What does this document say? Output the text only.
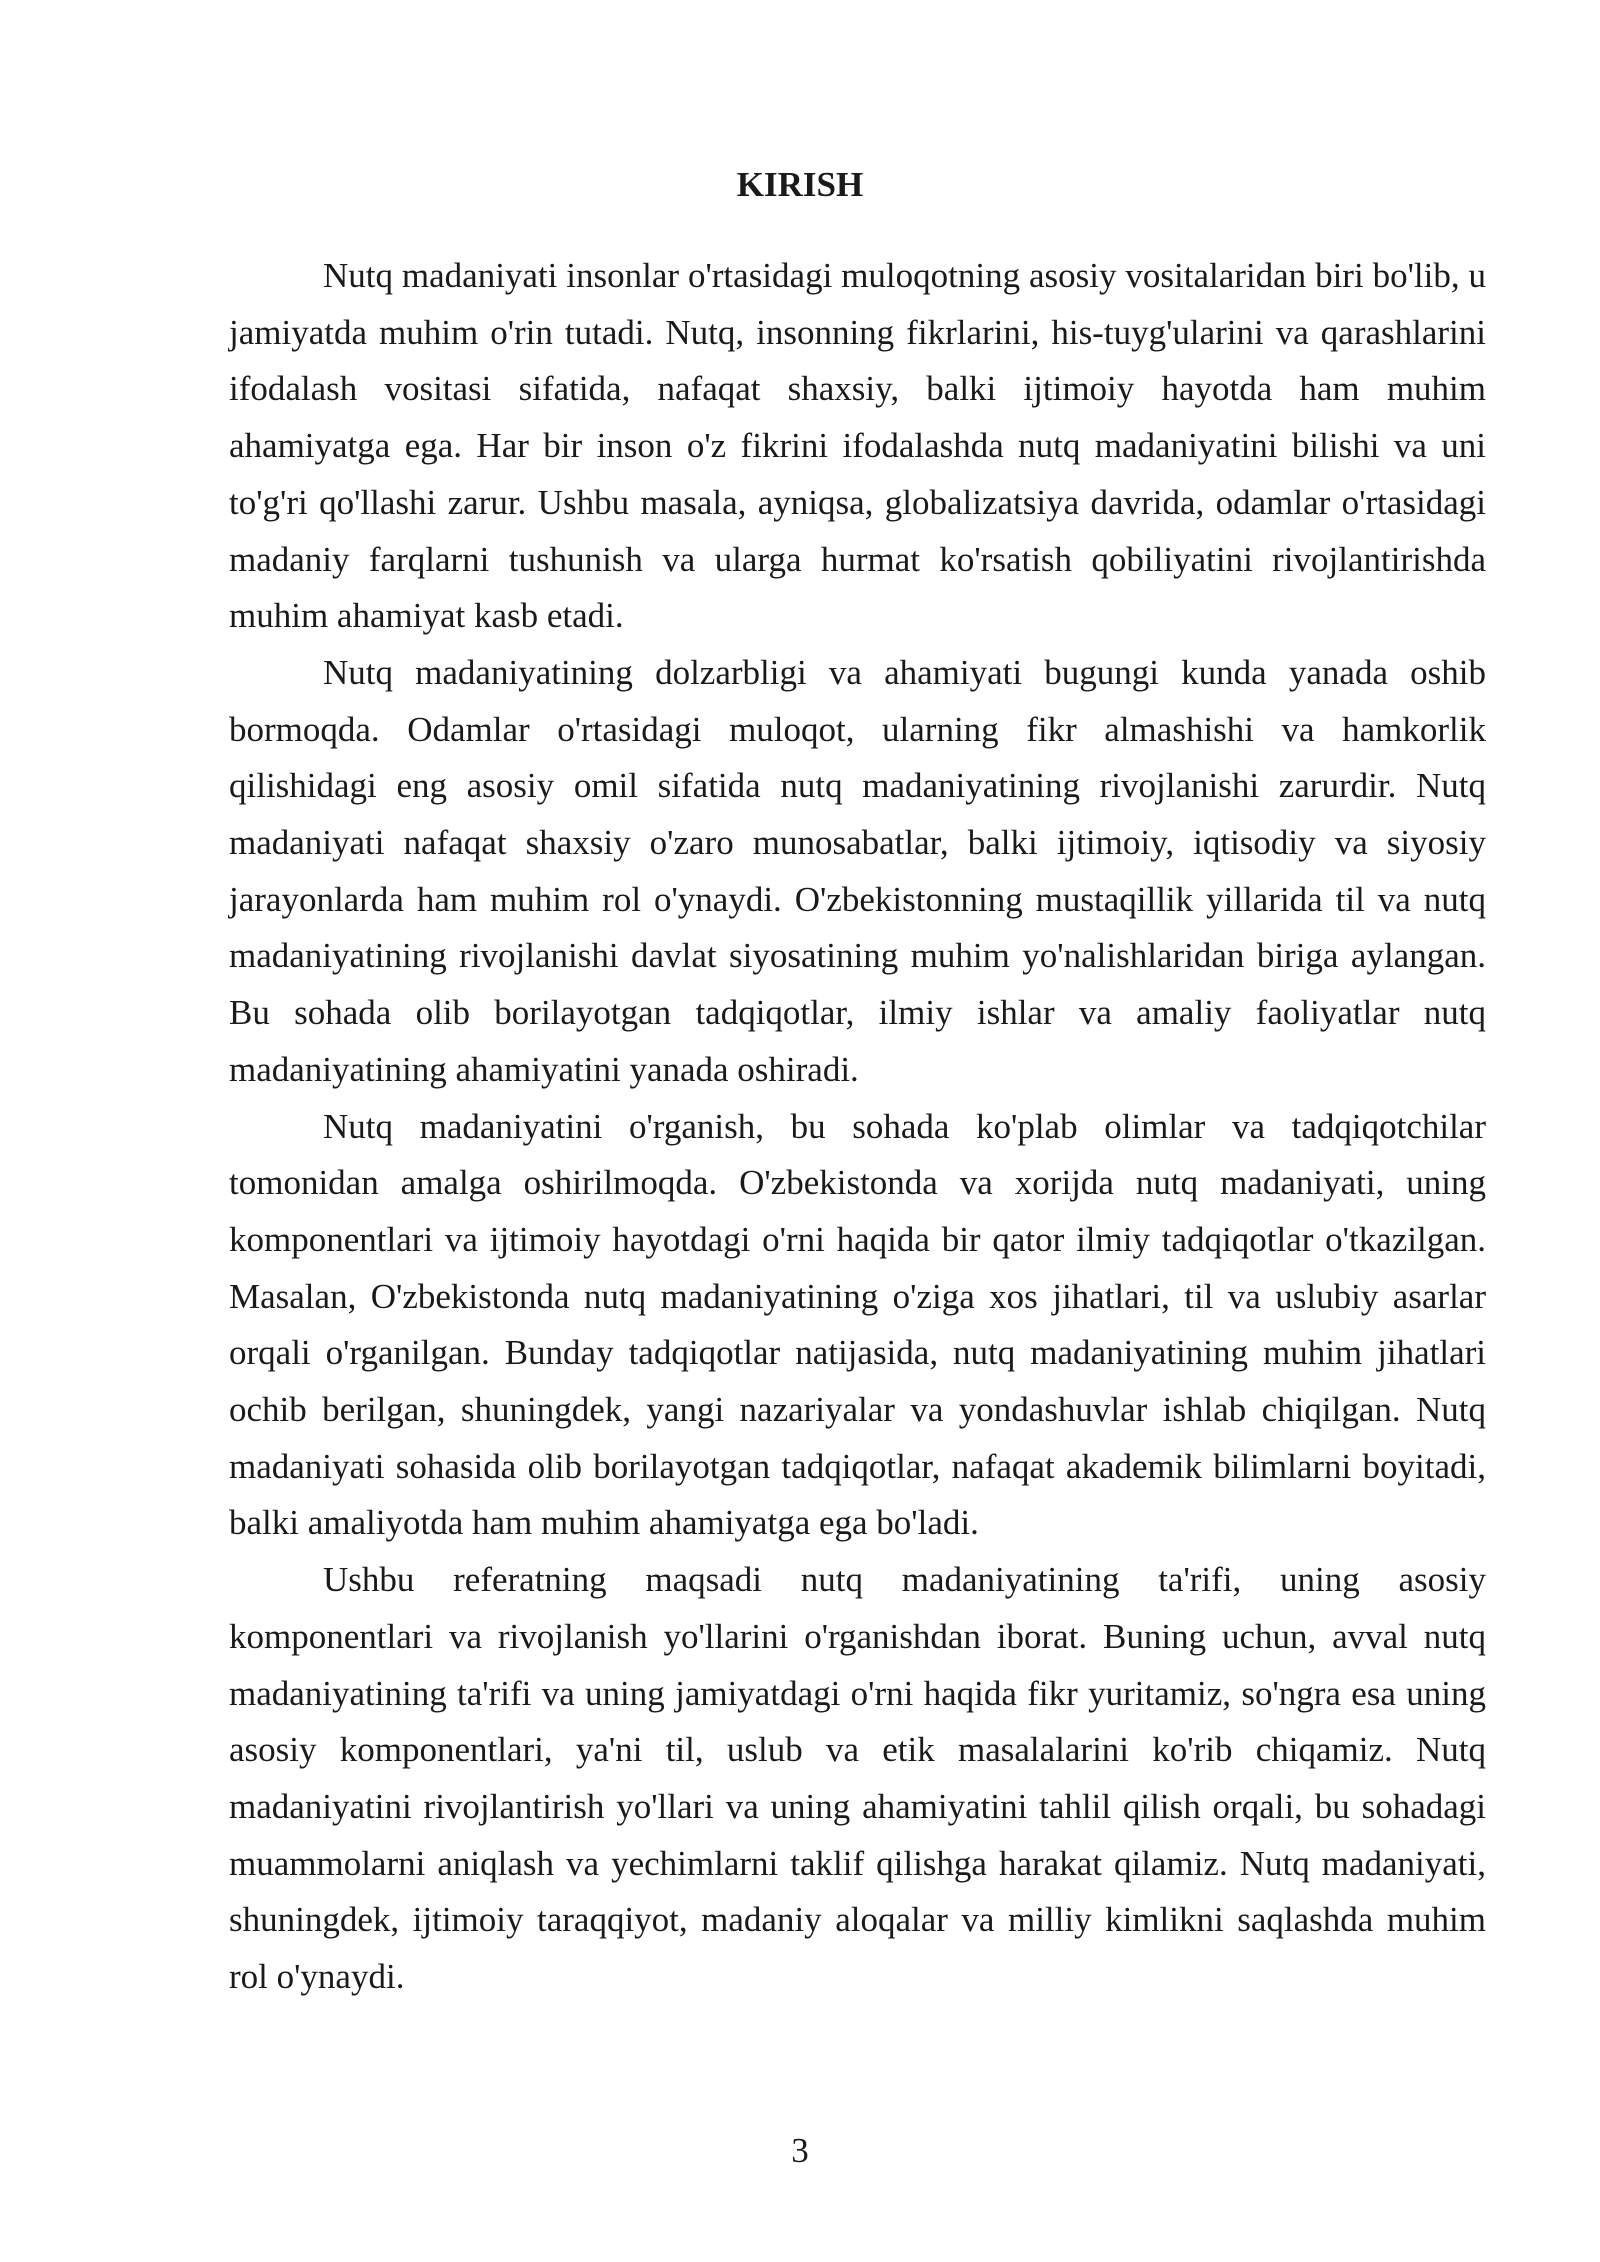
KIRISH

Nutq madaniyati insonlar o'rtasidagi muloqotning asosiy vositalaridan biri bo'lib, u jamiyatda muhim o'rin tutadi. Nutq, insonning fikrlarini, his-tuyg'ularini va qarashlarini ifodalash vositasi sifatida, nafaqat shaxsiy, balki ijtimoiy hayotda ham muhim ahamiyatga ega. Har bir inson o'z fikrini ifodalashda nutq madaniyatini bilishi va uni to'g'ri qo'llashi zarur. Ushbu masala, ayniqsa, globalizatsiya davrida, odamlar o'rtasidagi madaniy farqlarni tushunish va ularga hurmat ko'rsatish qobiliyatini rivojlantirishda muhim ahamiyat kasb etadi.

Nutq madaniyatining dolzarbligi va ahamiyati bugungi kunda yanada oshib bormoqda. Odamlar o'rtasidagi muloqot, ularning fikr almashishi va hamkorlik qilishidagi eng asosiy omil sifatida nutq madaniyatining rivojlanishi zarurdir. Nutq madaniyati nafaqat shaxsiy o'zaro munosabatlar, balki ijtimoiy, iqtisodiy va siyosiy jarayonlarda ham muhim rol o'ynaydi. O'zbekistonning mustaqillik yillarida til va nutq madaniyatining rivojlanishi davlat siyosatining muhim yo'nalishlaridan biriga aylangan. Bu sohada olib borilayotgan tadqiqotlar, ilmiy ishlar va amaliy faoliyatlar nutq madaniyatining ahamiyatini yanada oshiradi.

Nutq madaniyatini o'rganish, bu sohada ko'plab olimlar va tadqiqotchilar tomonidan amalga oshirilmoqda. O'zbekistonda va xorijda nutq madaniyati, uning komponentlari va ijtimoiy hayotdagi o'rni haqida bir qator ilmiy tadqiqotlar o'tkazilgan. Masalan, O'zbekistonda nutq madaniyatining o'ziga xos jihatlari, til va uslubiy asarlar orqali o'rganilgan. Bunday tadqiqotlar natijasida, nutq madaniyatining muhim jihatlari ochib berilgan, shuningdek, yangi nazariyalar va yondashuvlar ishlab chiqilgan. Nutq madaniyati sohasida olib borilayotgan tadqiqotlar, nafaqat akademik bilimlarni boyitadi, balki amaliyotda ham muhim ahamiyatga ega bo'ladi.

Ushbu referatning maqsadi nutq madaniyatining ta'rifi, uning asosiy komponentlari va rivojlanish yo'llarini o'rganishdan iborat. Buning uchun, avval nutq madaniyatining ta'rifi va uning jamiyatdagi o'rni haqida fikr yuritamiz, so'ngra esa uning asosiy komponentlari, ya'ni til, uslub va etik masalalarini ko'rib chiqamiz. Nutq madaniyatini rivojlantirish yo'llari va uning ahamiyatini tahlil qilish orqali, bu sohadagi muammolarni aniqlash va yechimlarni taklif qilishga harakat qilamiz. Nutq madaniyati, shuningdek, ijtimoiy taraqqiyot, madaniy aloqalar va milliy kimlikni saqlashda muhim rol o'ynaydi.

3
